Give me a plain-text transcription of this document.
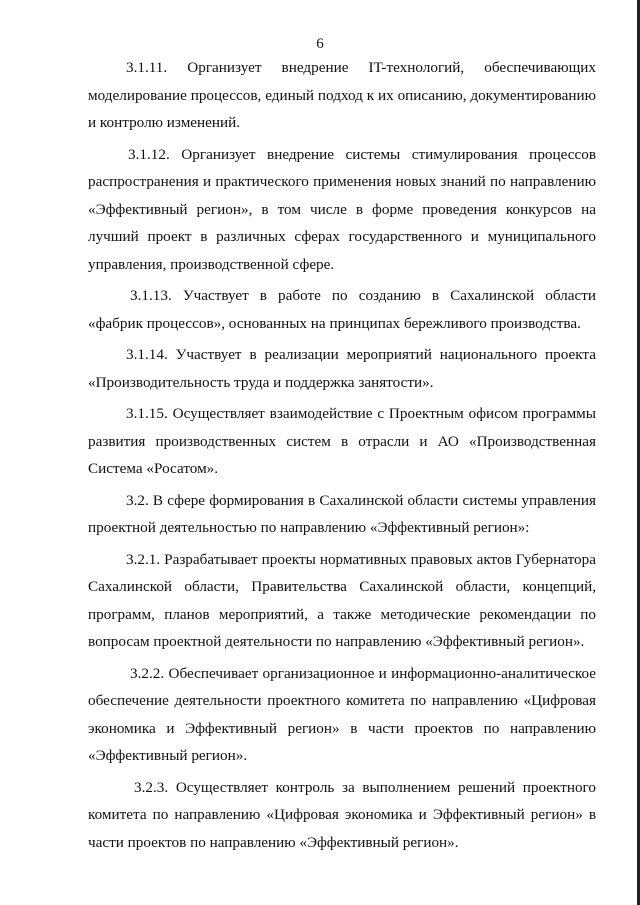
6

3.1.11. Организует внедрение IT-технологий, обеспечивающих моделирование процессов, единый подход к их описанию, документированию и контролю изменений.

3.1.12. Организует внедрение системы стимулирования процессов распространения и практического применения новых знаний по направлению «Эффективный регион», в том числе в форме проведения конкурсов на лучший проект в различных сферах государственного и муниципального управления, производственной сфере.

3.1.13. Участвует в работе по созданию в Сахалинской области «фабрик процессов», основанных на принципах бережливого производства.

3.1.14. Участвует в реализации мероприятий национального проекта «Производительность труда и поддержка занятости».

3.1.15. Осуществляет взаимодействие с Проектным офисом программы развития производственных систем в отрасли и АО «Производственная Система «Росатом».

3.2. В сфере формирования в Сахалинской области системы управления проектной деятельностью по направлению «Эффективный регион»:

3.2.1. Разрабатывает проекты нормативных правовых актов Губернатора Сахалинской области, Правительства Сахалинской области, концепций, программ, планов мероприятий, а также методические рекомендации по вопросам проектной деятельности по направлению «Эффективный регион».

3.2.2. Обеспечивает организационное и информационно-аналитическое обеспечение деятельности проектного комитета по направлению «Цифровая экономика и Эффективный регион» в части проектов по направлению «Эффективный регион».

3.2.3. Осуществляет контроль за выполнением решений проектного комитета по направлению «Цифровая экономика и Эффективный регион» в части проектов по направлению «Эффективный регион».
